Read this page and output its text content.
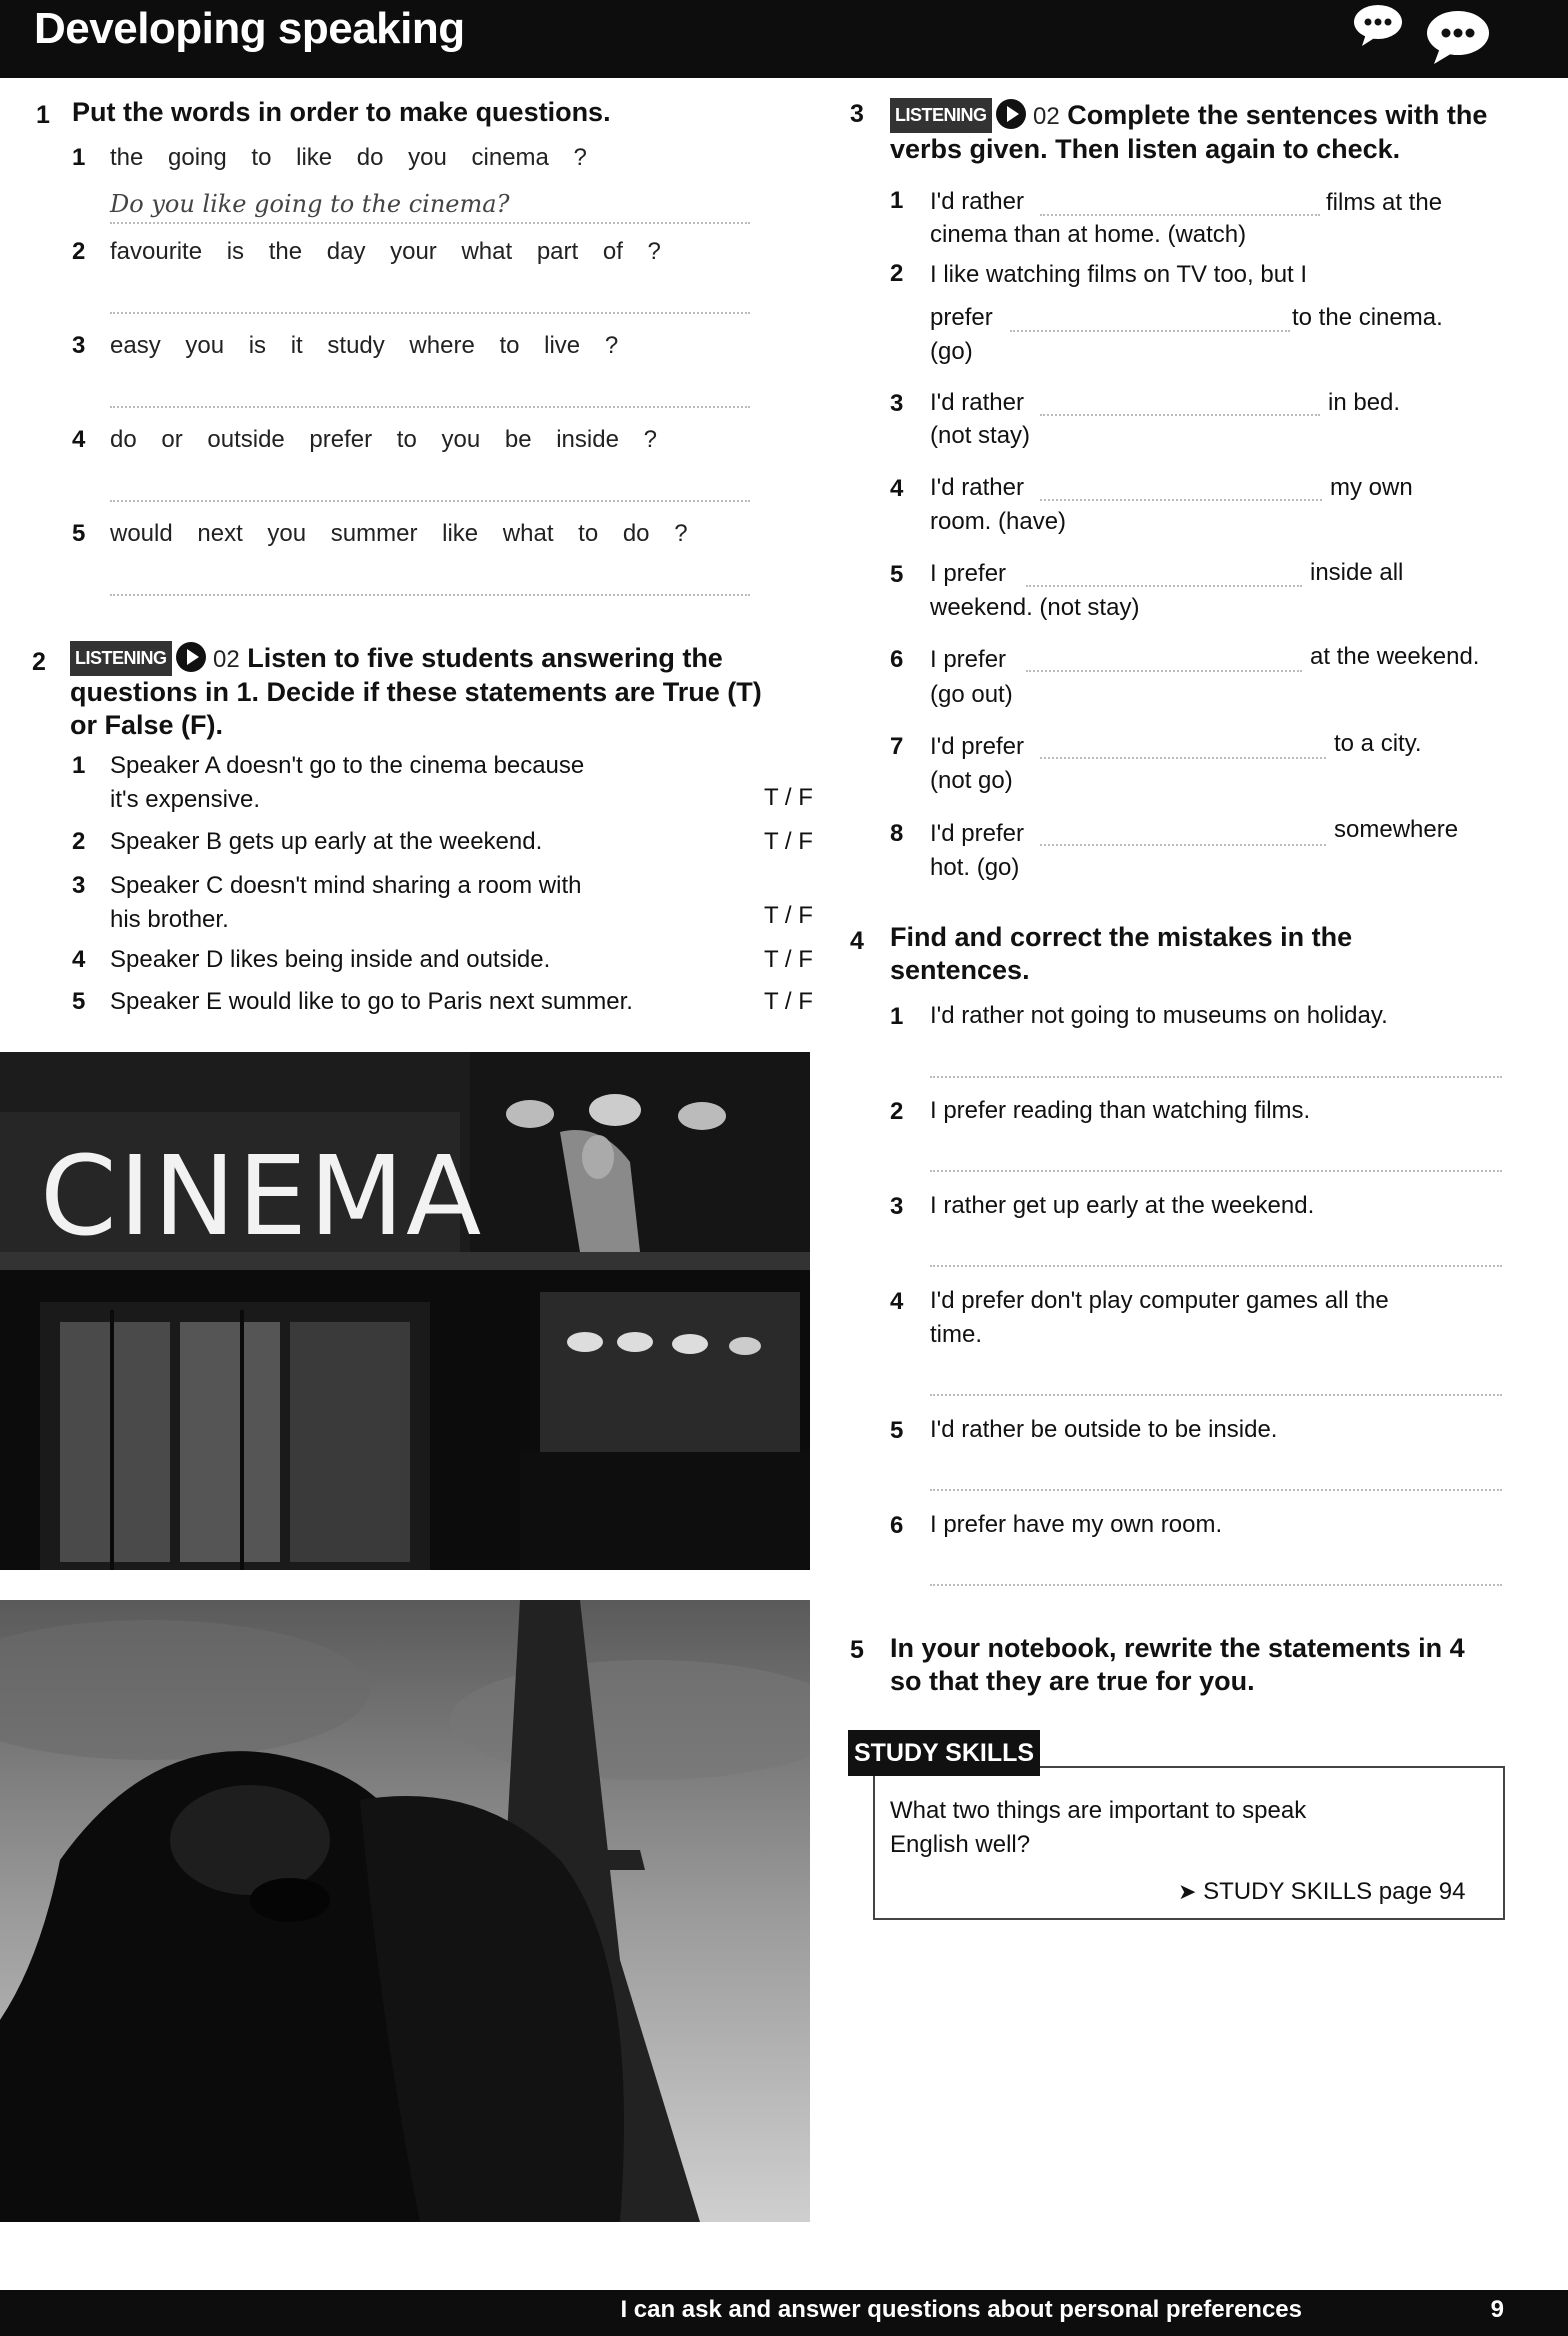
Developing speaking
1 Put the words in order to make questions.
1 the going to like do you cinema ?
Do you like going to the cinema?
2 favourite is the day your what part of ?
3 easy you is it study where to live ?
4 do or outside prefer to you be inside ?
5 would next you summer like what to do ?
2 LISTENING 02 Listen to five students answering the
questions in 1. Decide if these statements are True (T)
or False (F).
1 Speaker A doesn't go to the cinema because
it's expensive.	T / F
2 Speaker B gets up early at the weekend.	T / F
3 Speaker C doesn't mind sharing a room with
his brother.	T / F
4 Speaker D likes being inside and outside.	T / F
5 Speaker E would like to go to Paris next summer.	T / F
CINEMA
3 LISTENING 02 Complete the sentences with the
verbs given. Then listen again to check.
1 I'd rather	films at the
cinema than at home. (watch)
2 I like watching films on TV too, but I
prefer	to the cinema.
(go)
3 I'd rather	in bed.
(not stay)
4 I'd rather	my own
room. (have)
5 I prefer	inside all
weekend. (not stay)
6 I prefer	at the weekend.
(go out)
7 I'd prefer	to a city.
(not go)
8 I'd prefer	somewhere
hot. (go)
4 Find and correct the mistakes in the
sentences.
1 I'd rather not going to museums on holiday.
2 I prefer reading than watching films.
3 I rather get up early at the weekend.
4 I'd prefer don't play computer games all the
time.
5 I'd rather be outside to be inside.
6 I prefer have my own room.
5 In your notebook, rewrite the statements in 4
so that they are true for you.
STUDY SKILLS
What two things are important to speak
English well?
➤ STUDY SKILLS page 94
I can ask and answer questions about personal preferences	9
